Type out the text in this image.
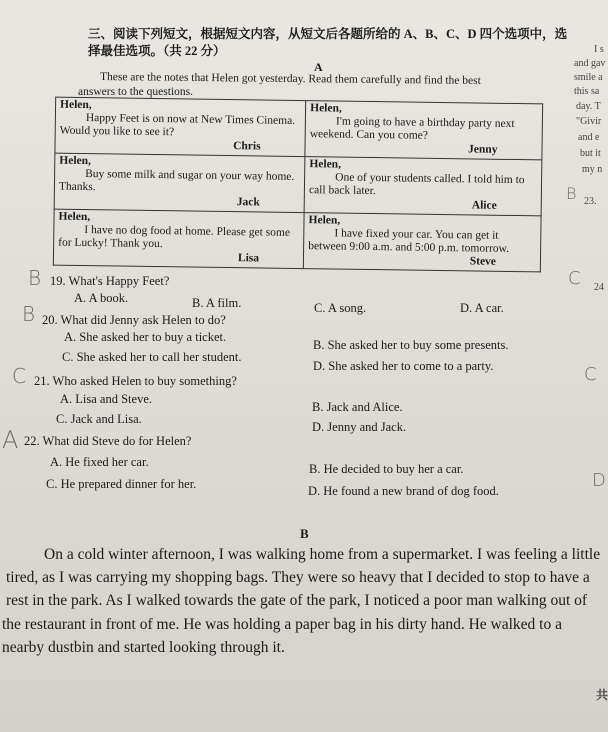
三、阅读下列短文，根据短文内容，从短文后各题所给的 A、B、C、D 四个选项中，选
择最佳选项。（共 22 分）
A
These are the notes that Helen got yesterday. Read them carefully and find the best
answers to the questions.
Helen,
Happy Feet is on now at New Times Cinema. Would you like to see it?
Chris	Helen,
I'm going to have a birthday party next weekend. Can you come?
Jenny

Helen,
Buy some milk and sugar on your way home. Thanks.
Jack	Helen,
One of your students called. I told him to call back later.
Alice

Helen,
I have no dog food at home. Please get some for Lucky! Thank you.
Lisa	Helen,
I have fixed your car. You can get it between 9:00 a.m. and 5:00 p.m. tomorrow.
Steve
B 19. What's Happy Feet?
A. A book.	B. A film.	C. A song.	D. A car.
B 20. What did Jenny ask Helen to do?
A. She asked her to buy a ticket.
B. She asked her to buy some presents.
C. She asked her to call her student.
D. She asked her to come to a party.
C 21. Who asked Helen to buy something?
A. Lisa and Steve.
B. Jack and Alice.
C. Jack and Lisa.
D. Jenny and Jack.
A 22. What did Steve do for Helen?
A. He fixed her car.	B. He decided to buy her a car.
C. He prepared dinner for her.	D. He found a new brand of dog food.
B
On a cold winter afternoon, I was walking home from a supermarket. I was feeling a little
tired, as I was carrying my shopping bags. They were so heavy that I decided to stop to have a
rest in the park. As I walked towards the gate of the park, I noticed a poor man walking out of
the restaurant in front of me. He was holding a paper bag in his dirty hand. He walked to a
nearby dustbin and started looking through it.
I s
and gav
smile a
this sa
day. T
"Givir
and e
but it
my n
B 23.
C 24
C
D
共
